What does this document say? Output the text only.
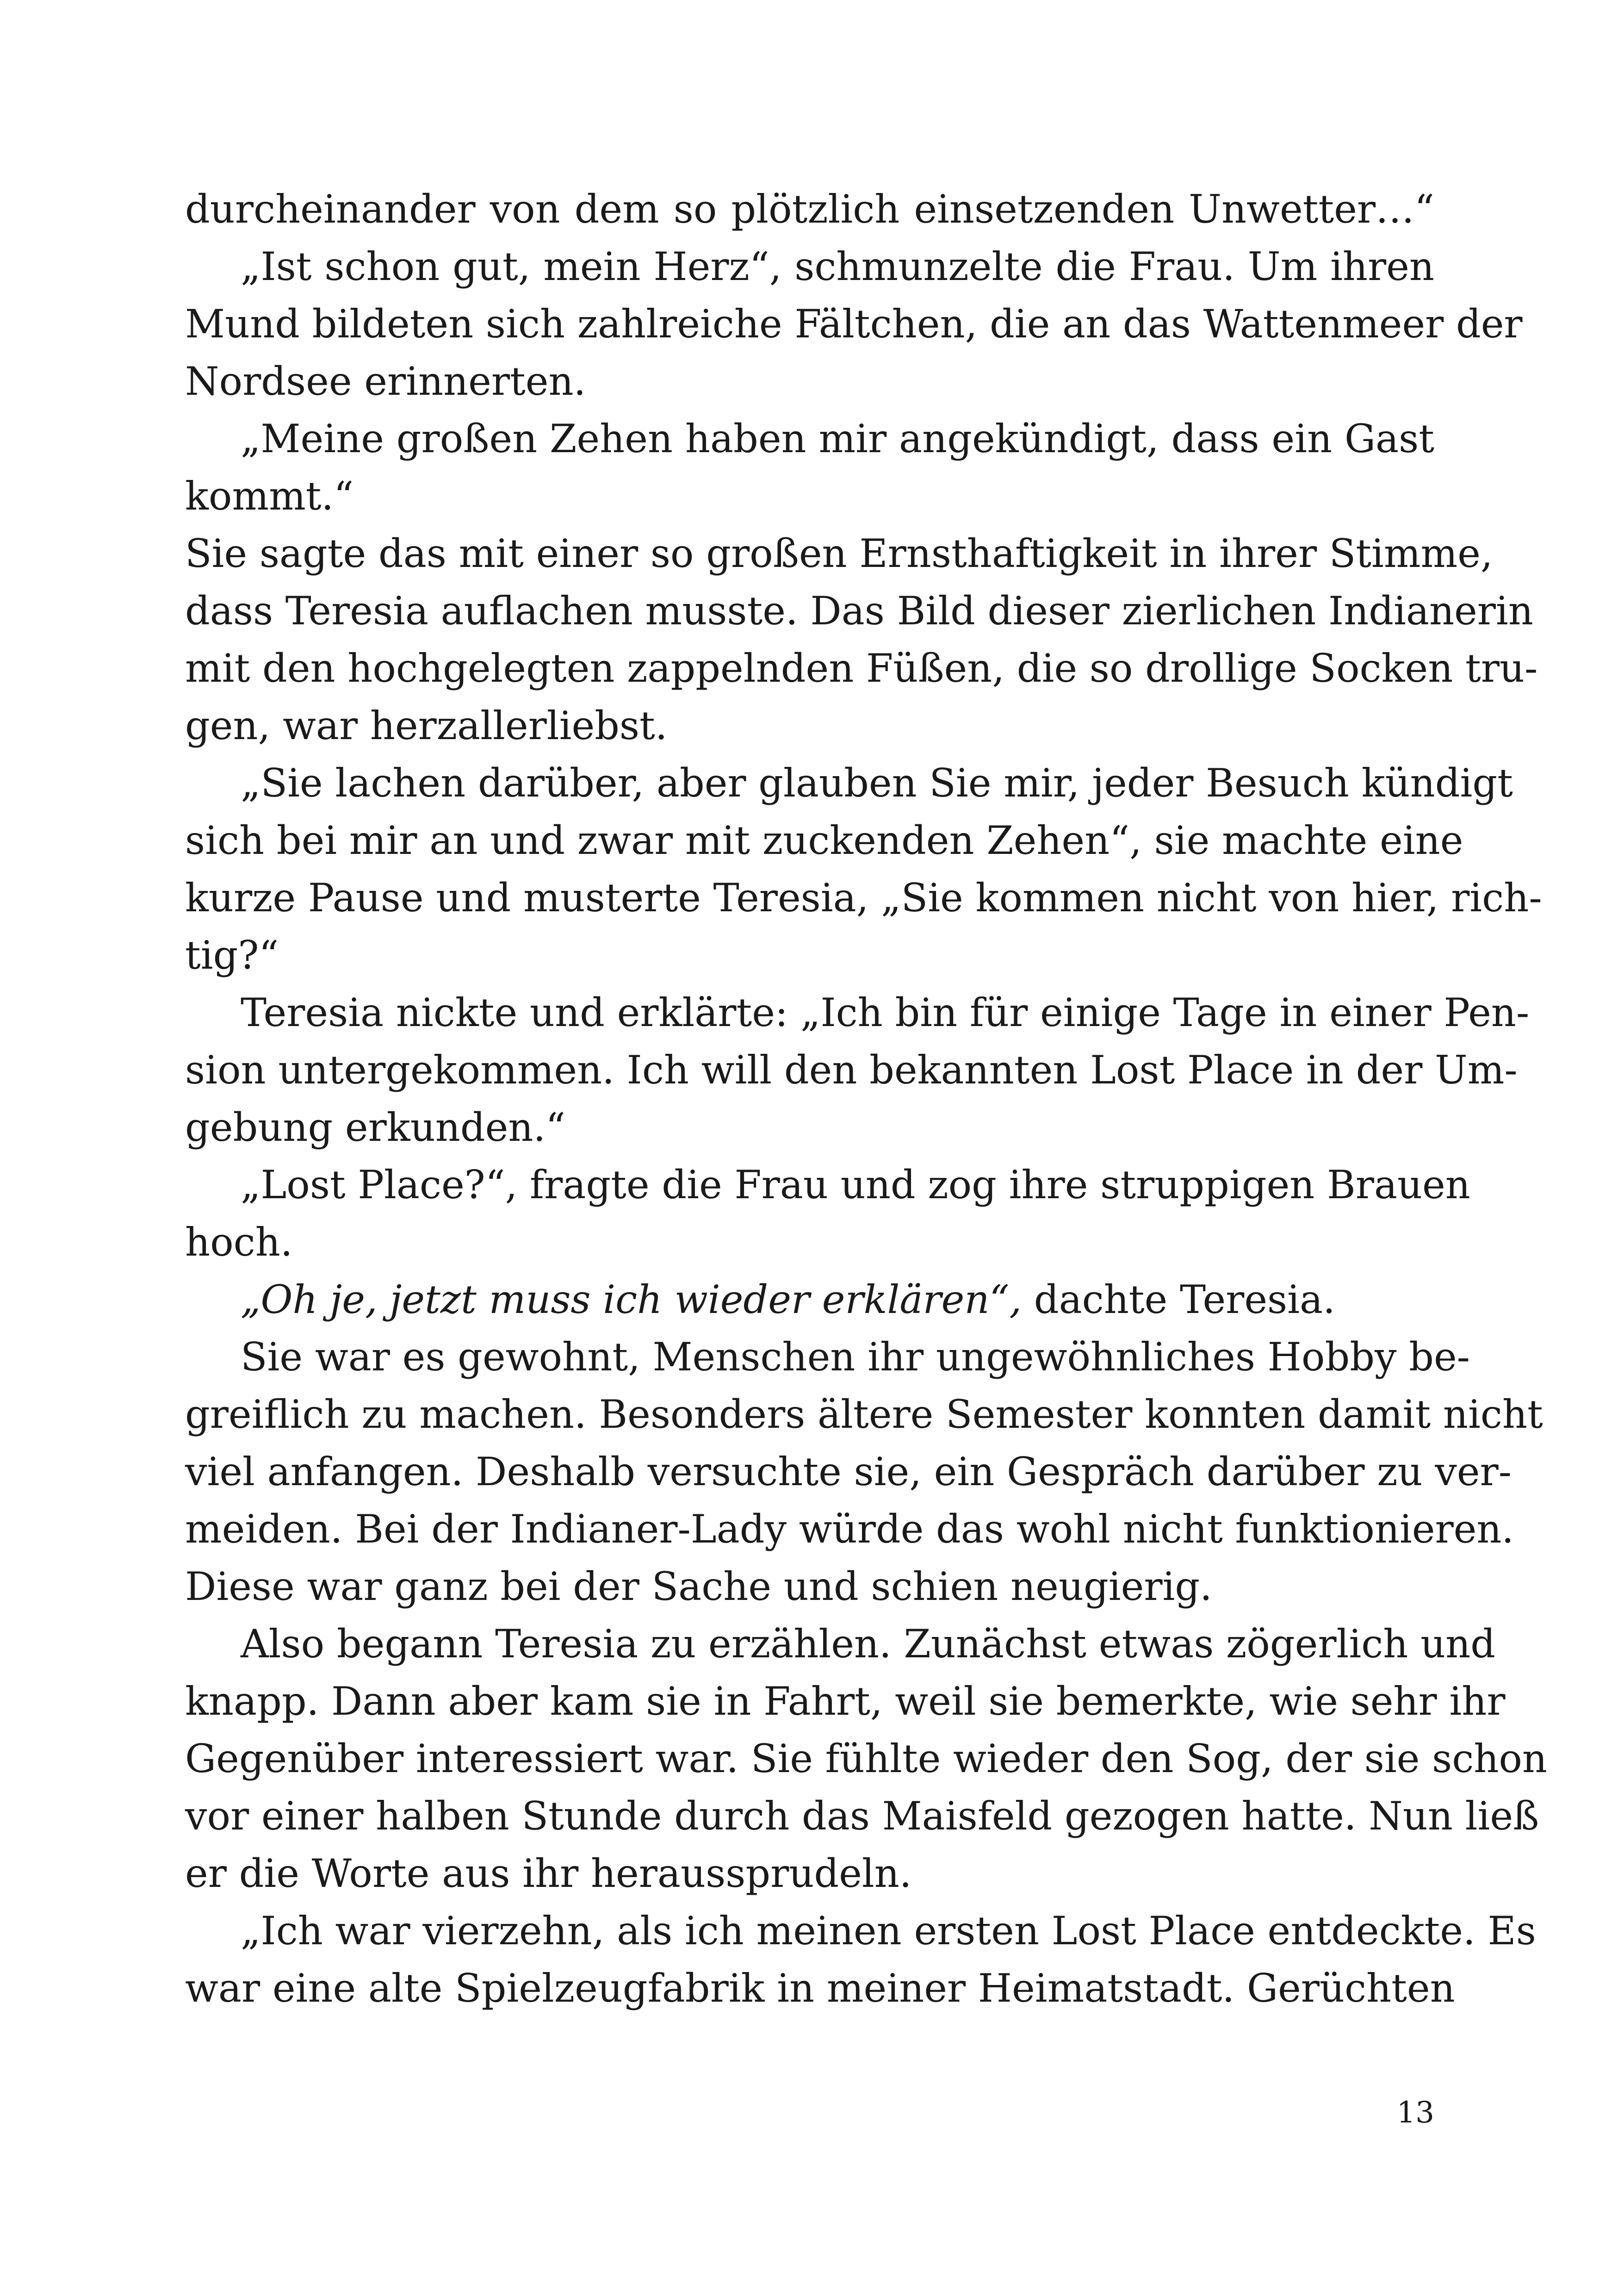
durcheinander von dem so plötzlich einsetzenden Unwetter…“
„Ist schon gut, mein Herz“, schmunzelte die Frau. Um ihren
Mund bildeten sich zahlreiche Fältchen, die an das Wattenmeer der
Nordsee erinnerten.
„Meine großen Zehen haben mir angekündigt, dass ein Gast
kommt.“
Sie sagte das mit einer so großen Ernsthaftigkeit in ihrer Stimme,
dass Teresia auflachen musste. Das Bild dieser zierlichen Indianerin
mit den hochgelegten zappelnden Füßen, die so drollige Socken tru-
gen, war herzallerliebst.
„Sie lachen darüber, aber glauben Sie mir, jeder Besuch kündigt
sich bei mir an und zwar mit zuckenden Zehen“, sie machte eine
kurze Pause und musterte Teresia, „Sie kommen nicht von hier, rich-
tig?“
Teresia nickte und erklärte: „Ich bin für einige Tage in einer Pen-
sion untergekommen. Ich will den bekannten Lost Place in der Um-
gebung erkunden.“
„Lost Place?“, fragte die Frau und zog ihre struppigen Brauen
hoch.
„Oh je, jetzt muss ich wieder erklären“, dachte Teresia.
Sie war es gewohnt, Menschen ihr ungewöhnliches Hobby be-
greiflich zu machen. Besonders ältere Semester konnten damit nicht
viel anfangen. Deshalb versuchte sie, ein Gespräch darüber zu ver-
meiden. Bei der Indianer-Lady würde das wohl nicht funktionieren.
Diese war ganz bei der Sache und schien neugierig.
Also begann Teresia zu erzählen. Zunächst etwas zögerlich und
knapp. Dann aber kam sie in Fahrt, weil sie bemerkte, wie sehr ihr
Gegenüber interessiert war. Sie fühlte wieder den Sog, der sie schon
vor einer halben Stunde durch das Maisfeld gezogen hatte. Nun ließ
er die Worte aus ihr heraussprudeln.
„Ich war vierzehn, als ich meinen ersten Lost Place entdeckte. Es
war eine alte Spielzeugfabrik in meiner Heimatstadt. Gerüchten
13
